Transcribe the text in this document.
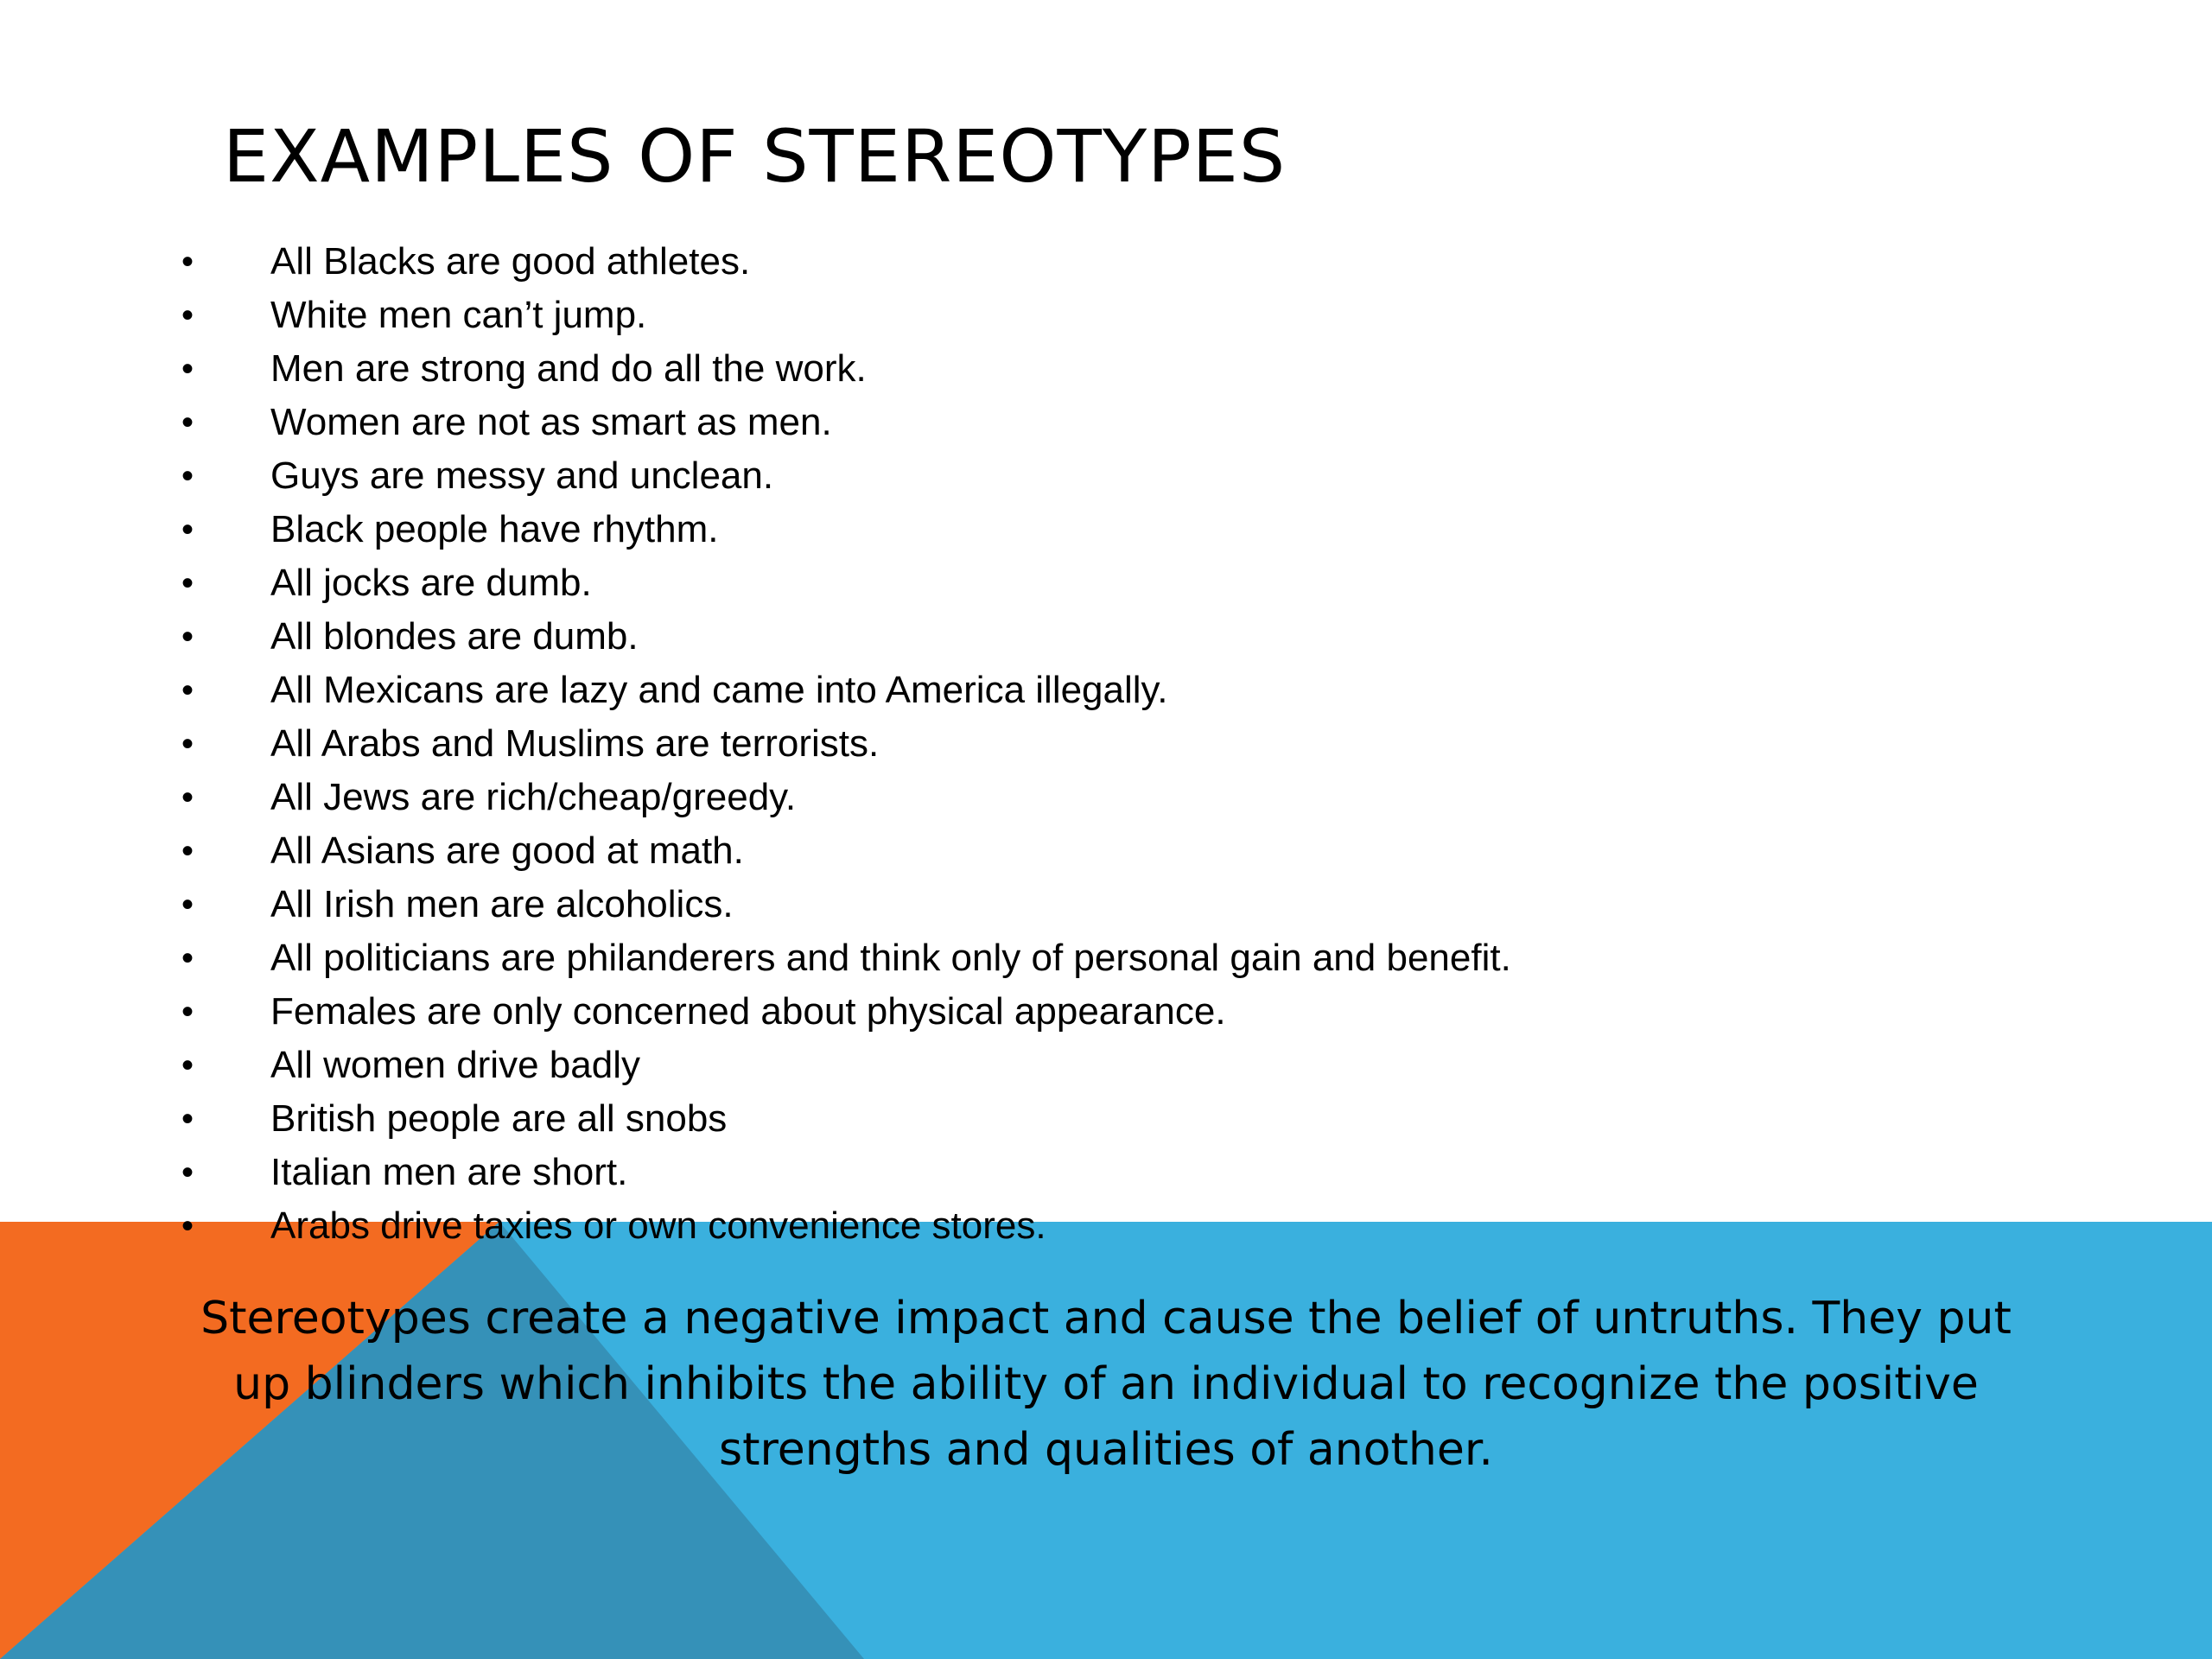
EXAMPLES OF STEREOTYPES
•	All Blacks are good athletes.
•	White men can’t jump.
•	Men are strong and do all the work.
•	Women are not as smart as men.
•	Guys are messy and unclean.
•	Black people have rhythm.
•	All jocks are dumb.
•	All blondes are dumb.
•	All Mexicans are lazy and came into America illegally.
•	All Arabs and Muslims are terrorists.
•	All Jews are rich/cheap/greedy.
•	All Asians are good at math.
•	All Irish men are alcoholics.
•	All politicians are philanderers and think only of personal gain and benefit.
•	Females are only concerned about physical appearance.
•	All women drive badly
•	British people are all snobs
•	Italian men are short.
•	Arabs drive taxies or own convenience stores.

Stereotypes create a negative impact and cause the belief of untruths. They put up blinders which inhibits the ability of an individual to recognize the positive strengths and qualities of another.
